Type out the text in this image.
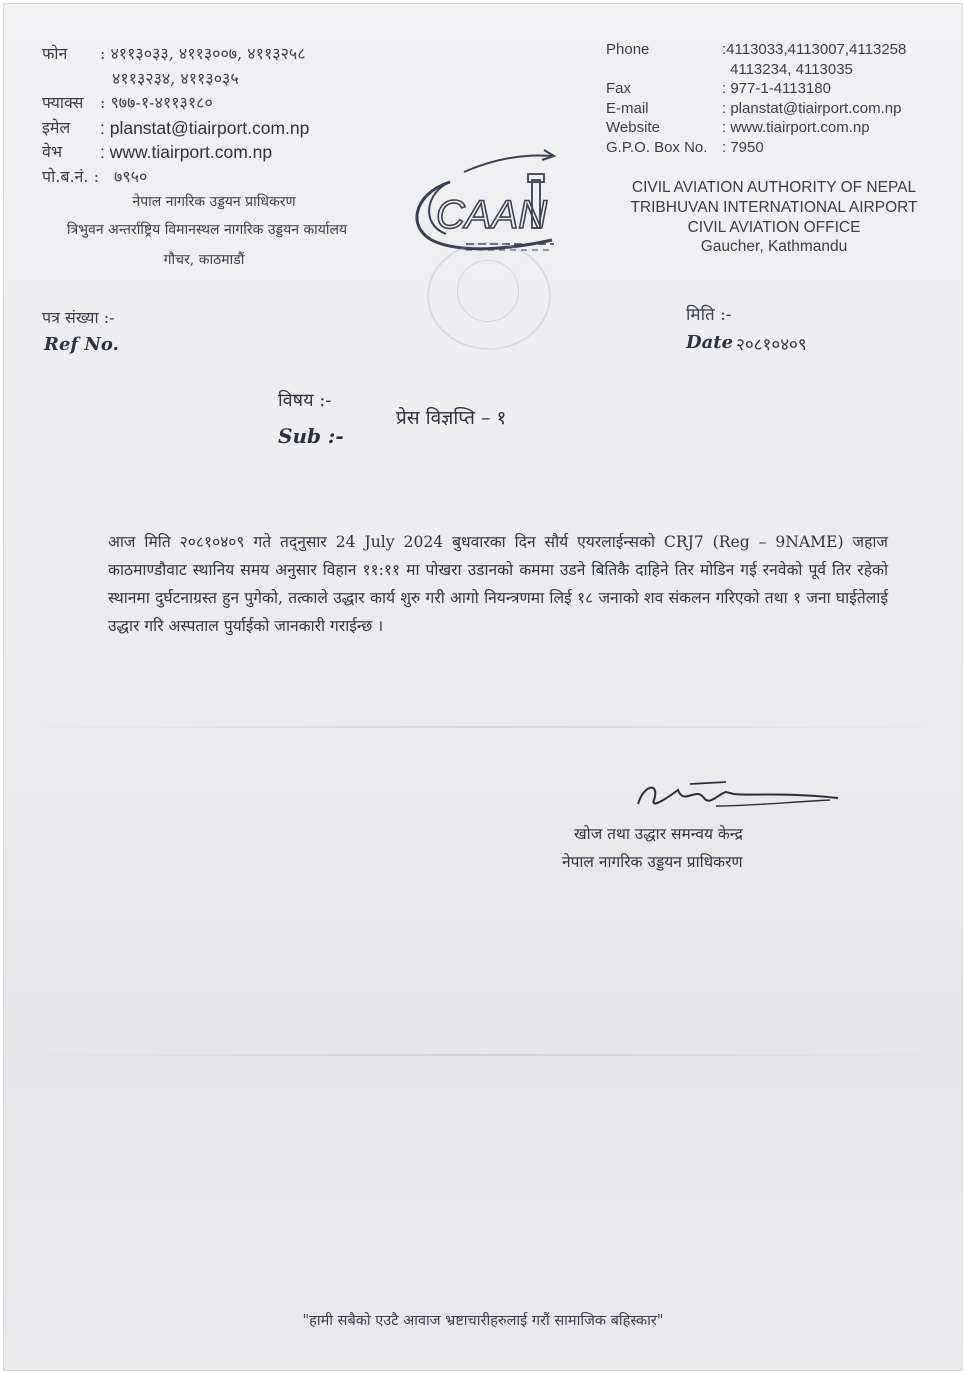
फोन	: ४११३०३३, ४११३००७, ४११३२५८
४११३२३४, ४११३०३५
फ्याक्स	: ९७७-१-४११३१८०
इमेल	: planstat@tiairport.com.np
वेभ	: www.tiairport.com.np
पो.ब.नं. : ७९५०
नेपाल नागरिक उड्डयन प्राधिकरण
त्रिभुवन अन्तर्राष्ट्रिय विमानस्थल नागरिक उड्डयन कार्यालय
गौचर, काठमाडौं
Phone	:4113033,4113007,4113258
4113234, 4113035
Fax	: 977-1-4113180
E-mail	: planstat@tiairport.com.np
Website	: www.tiairport.com.np
G.P.O. Box No. : 7950
CIVIL AVIATION AUTHORITY OF NEPAL
TRIBHUVAN INTERNATIONAL AIRPORT
CIVIL AVIATION OFFICE
Gaucher, Kathmandu
CAAN
पत्र संख्या :-
Ref No.
मिति :-
Date २०८१०४०९
विषय :-
Sub :-
प्रेस विज्ञप्ति – १
आज मिति २०८१०४०९ गते तद्नुसार 24 July 2024 बुधवारका दिन सौर्य एयरलाईन्सको CRJ7 (Reg – 9NAME) जहाज काठमाण्डौवाट स्थानिय समय अनुसार विहान ११:११ मा पोखरा उडानको कममा उडने बितिकै दाहिने तिर मोडिन गई रनवेको पूर्व तिर रहेको स्थानमा दुर्घटनाग्रस्त हुन पुगेको, तत्काले उद्धार कार्य शुरु गरी आगो नियन्त्रणमा लिई १८ जनाको शव संकलन गरिएको तथा १ जना घाईतेलाई उद्धार गरि अस्पताल पुर्याईको जानकारी गराईन्छ ।
खोज तथा उद्धार समन्वय केन्द्र
नेपाल नागरिक उड्डयन प्राधिकरण
"हामी सबैको एउटै आवाज भ्रष्टाचारीहरुलाई गरौं सामाजिक बहिस्कार"
